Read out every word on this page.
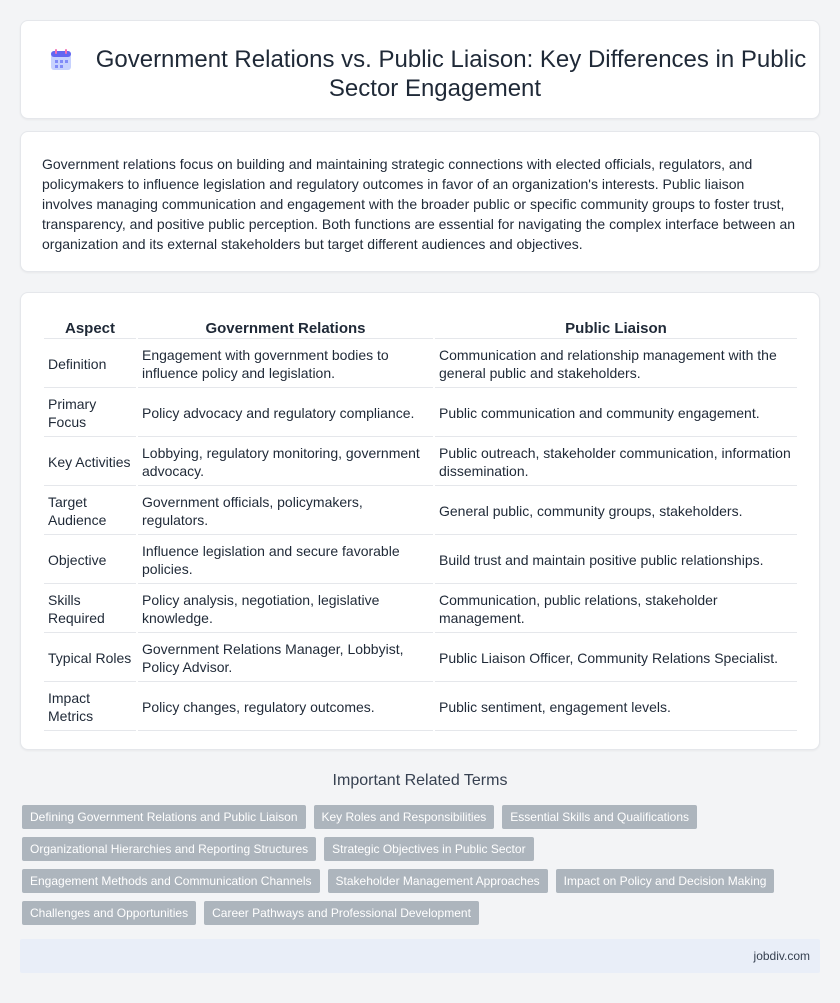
Government Relations vs. Public Liaison: Key Differences in Public Sector Engagement

Government relations focus on building and maintaining strategic connections with elected officials, regulators, and policymakers to influence legislation and regulatory outcomes in favor of an organization's interests. Public liaison involves managing communication and engagement with the broader public or specific community groups to foster trust, transparency, and positive public perception. Both functions are essential for navigating the complex interface between an organization and its external stakeholders but target different audiences and objectives.

Aspect	Government Relations	Public Liaison
Definition	Engagement with government bodies to influence policy and legislation.	Communication and relationship management with the general public and stakeholders.
Primary Focus	Policy advocacy and regulatory compliance.	Public communication and community engagement.
Key Activities	Lobbying, regulatory monitoring, government advocacy.	Public outreach, stakeholder communication, information dissemination.
Target Audience	Government officials, policymakers, regulators.	General public, community groups, stakeholders.
Objective	Influence legislation and secure favorable policies.	Build trust and maintain positive public relationships.
Skills Required	Policy analysis, negotiation, legislative knowledge.	Communication, public relations, stakeholder management.
Typical Roles	Government Relations Manager, Lobbyist, Policy Advisor.	Public Liaison Officer, Community Relations Specialist.
Impact Metrics	Policy changes, regulatory outcomes.	Public sentiment, engagement levels.
Important Related Terms
Defining Government Relations and Public Liaison	Key Roles and Responsibilities	Essential Skills and Qualifications
Organizational Hierarchies and Reporting Structures	Strategic Objectives in Public Sector
Engagement Methods and Communication Channels	Stakeholder Management Approaches	Impact on Policy and Decision Making
Challenges and Opportunities	Career Pathways and Professional Development
jobdiv.com
